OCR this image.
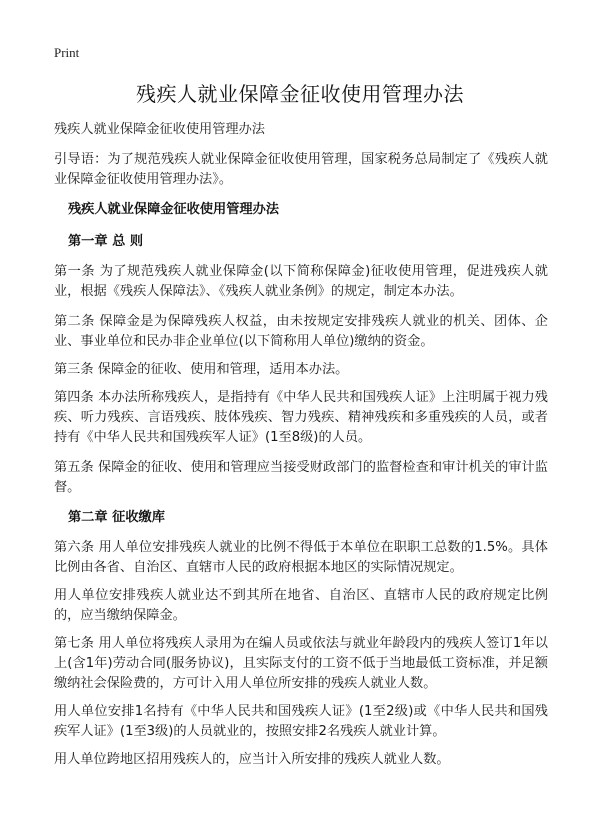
Print
残疾人就业保障金征收使用管理办法
残疾人就业保障金征收使用管理办法
引导语：为了规范残疾人就业保障金征收使用管理，国家税务总局制定了《残疾人就业保障金征收使用管理办法》。
残疾人就业保障金征收使用管理办法
第一章 总 则
第一条 为了规范残疾人就业保障金(以下简称保障金)征收使用管理，促进残疾人就业，根据《残疾人保障法》、《残疾人就业条例》的规定，制定本办法。
第二条 保障金是为保障残疾人权益，由未按规定安排残疾人就业的机关、团体、企业、事业单位和民办非企业单位(以下简称用人单位)缴纳的资金。
第三条 保障金的征收、使用和管理，适用本办法。
第四条 本办法所称残疾人，是指持有《中华人民共和国残疾人证》上注明属于视力残疾、听力残疾、言语残疾、肢体残疾、智力残疾、精神残疾和多重残疾的人员，或者持有《中华人民共和国残疾军人证》(1至8级)的人员。
第五条 保障金的征收、使用和管理应当接受财政部门的监督检查和审计机关的审计监督。
第二章 征收缴库
第六条 用人单位安排残疾人就业的比例不得低于本单位在职职工总数的1.5%。具体比例由各省、自治区、直辖市人民的政府根据本地区的实际情况规定。
用人单位安排残疾人就业达不到其所在地省、自治区、直辖市人民的政府规定比例的，应当缴纳保障金。
第七条 用人单位将残疾人录用为在编人员或依法与就业年龄段内的残疾人签订1年以上(含1年)劳动合同(服务协议)，且实际支付的工资不低于当地最低工资标准，并足额缴纳社会保险费的，方可计入用人单位所安排的残疾人就业人数。
用人单位安排1名持有《中华人民共和国残疾人证》(1至2级)或《中华人民共和国残疾军人证》(1至3级)的人员就业的，按照安排2名残疾人就业计算。
用人单位跨地区招用残疾人的，应当计入所安排的残疾人就业人数。
